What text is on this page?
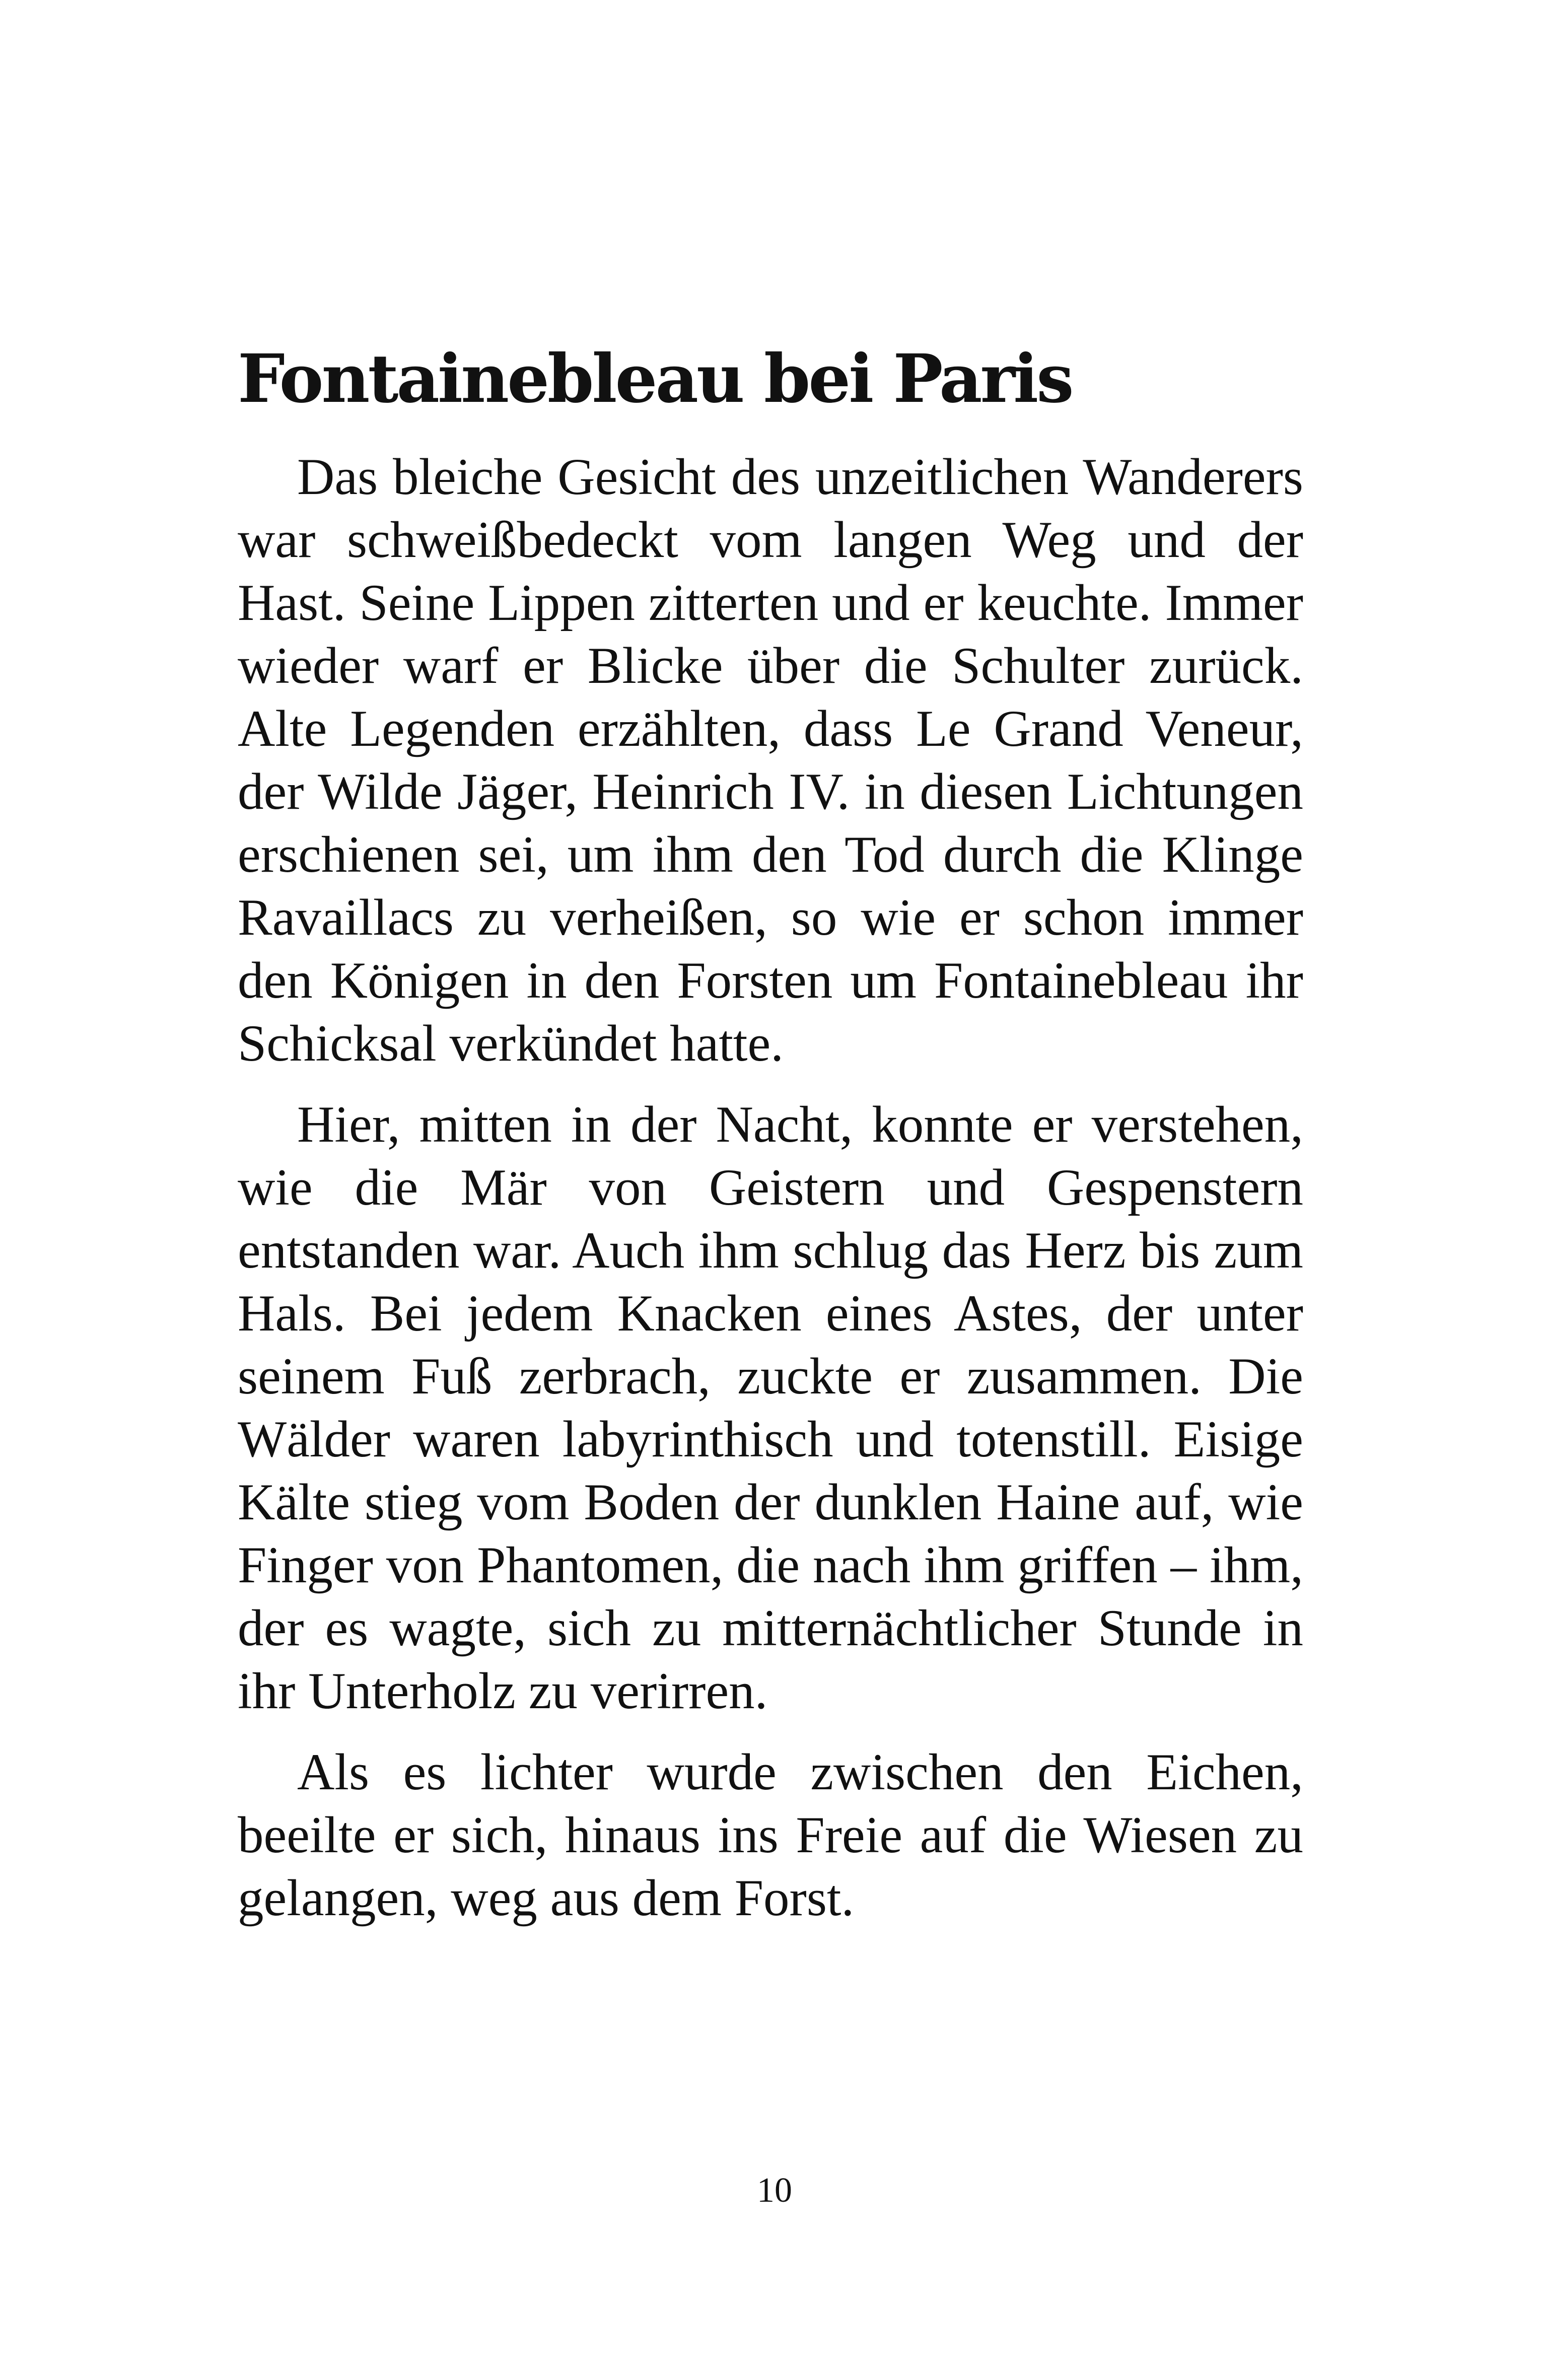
Fontainebleau bei Paris

Das bleiche Gesicht des unzeitlichen Wanderers war schweißbedeckt vom langen Weg und der Hast. Seine Lippen zitterten und er keuchte. Immer wieder warf er Blicke über die Schulter zurück. Alte Legenden erzählten, dass Le Grand Veneur, der Wilde Jäger, Heinrich IV. in diesen Lichtungen erschienen sei, um ihm den Tod durch die Klinge Ravaillacs zu verheißen, so wie er schon immer den Königen in den Forsten um Fontainebleau ihr Schicksal verkündet hatte.

Hier, mitten in der Nacht, konnte er verstehen, wie die Mär von Geistern und Gespenstern entstanden war. Auch ihm schlug das Herz bis zum Hals. Bei jedem Knacken eines Astes, der unter seinem Fuß zerbrach, zuckte er zusammen. Die Wälder waren labyrinthisch und totenstill. Eisige Kälte stieg vom Boden der dunklen Haine auf, wie Finger von Phantomen, die nach ihm griffen – ihm, der es wagte, sich zu mitternächtlicher Stunde in ihr Unterholz zu verirren.

Als es lichter wurde zwischen den Eichen, beeilte er sich, hinaus ins Freie auf die Wiesen zu gelangen, weg aus dem Forst.

10
